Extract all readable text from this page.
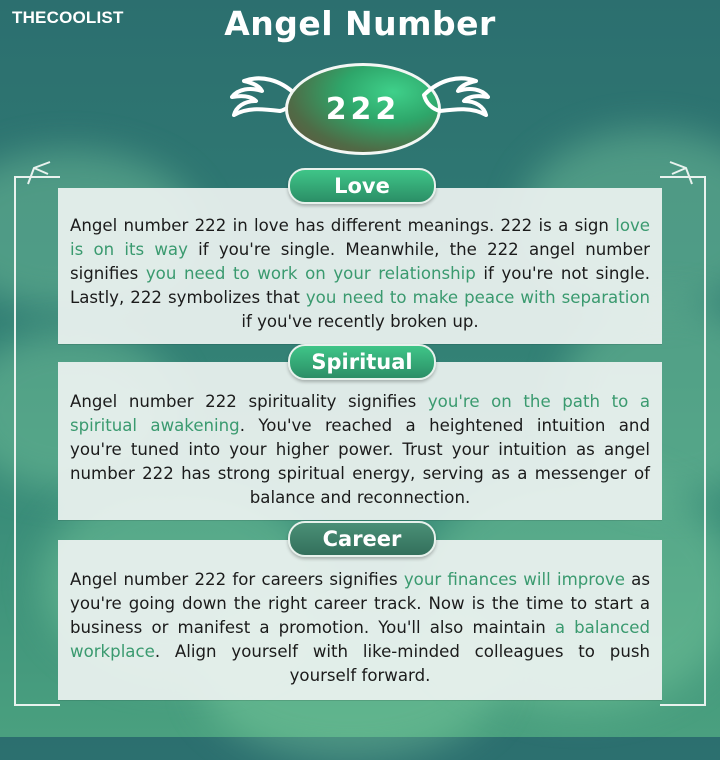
THECOOLIST	Angel Number
222

Angel number 222 in love has different meanings. 222 is a sign love is on its way if you're single. Meanwhile, the 222 angel number signifies you need to work on your relationship if you're not single. Lastly, 222 symbolizes that you need to make peace with separation if you've recently broken up.

Love

Angel number 222 spirituality signifies you're on the path to a spiritual awakening. You've reached a heightened intuition and you're tuned into your higher power. Trust your intuition as angel number 222 has strong spiritual energy, serving as a messenger of balance and reconnection.

Spiritual

Angel number 222 for careers signifies your finances will improve as you're going down the right career track. Now is the time to start a business or manifest a promotion. You'll also maintain a balanced workplace. Align yourself with like-minded colleagues to push yourself forward.

Career
